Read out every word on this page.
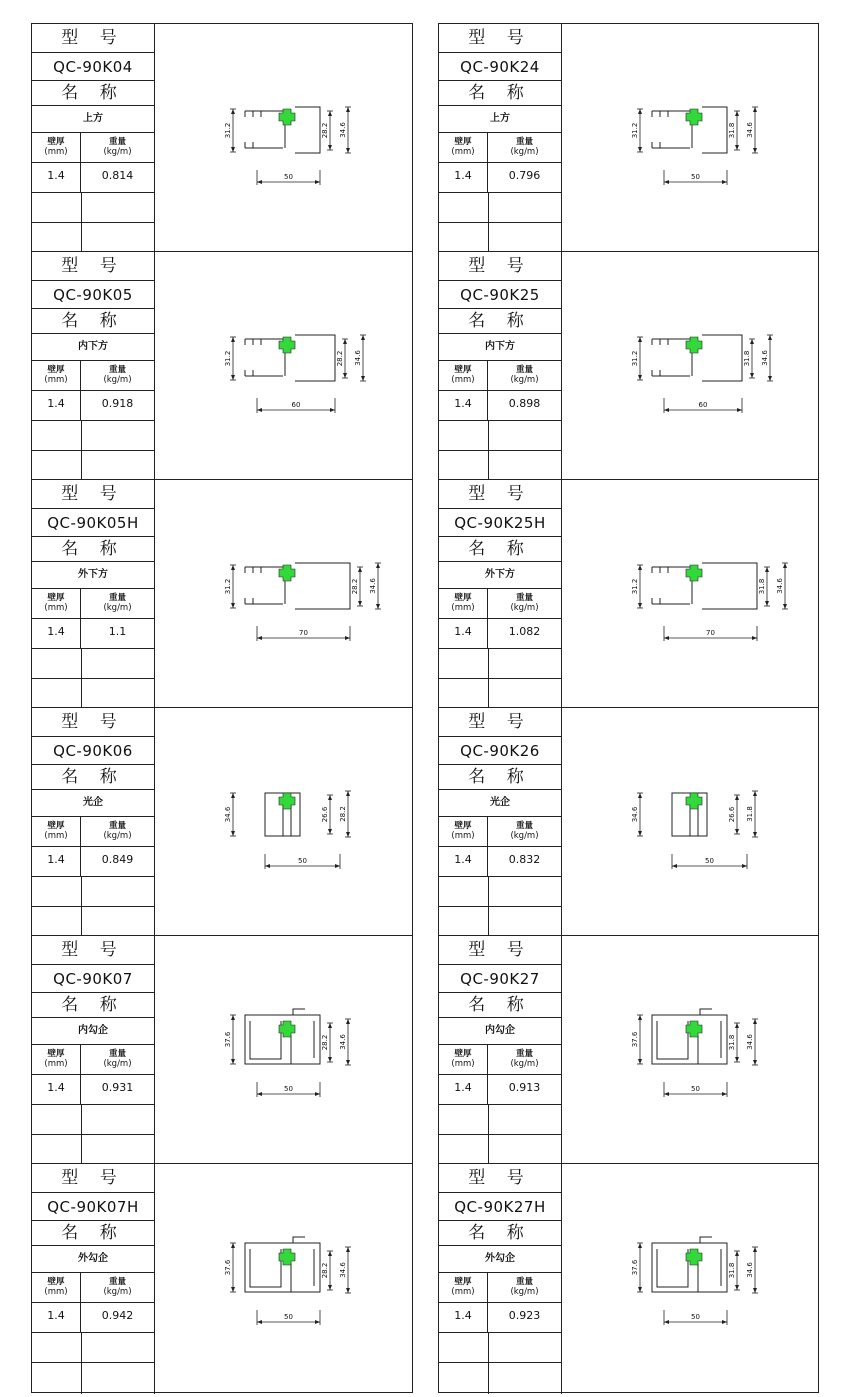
型 号
QC-90K04
名 称
上方
壁厚
(mm)
重量
(kg/m)
1.4	0.814
31.2	28.2 34.6
50
型 号
QC-90K05
名 称
内下方
壁厚
(mm)
重量
(kg/m)
1.4	0.918
31.2	28.2 34.6
60
型 号
QC-90K05H
名 称
外下方
壁厚
(mm)
重量
(kg/m)
1.4	1.1
31.2	28.2 34.6
70
型 号
QC-90K06
名 称
光企
壁厚
(mm)
重量
(kg/m)
1.4	0.849
34.6	26.6 28.2
50
型 号
QC-90K07
名 称
内勾企
壁厚
(mm)
重量
(kg/m)
1.4	0.931
37.6	28.2 34.6
50
型 号
QC-90K07H
名 称
外勾企
壁厚
(mm)
重量
(kg/m)
1.4	0.942
37.6	28.2 34.6
50
型 号
QC-90K24
名 称
上方
壁厚
(mm)
重量
(kg/m)
1.4	0.796
31.2	31.8 34.6
50
型 号
QC-90K25
名 称
内下方
壁厚
(mm)
重量
(kg/m)
1.4	0.898
31.2	31.8 34.6
60
型 号
QC-90K25H
名 称
外下方
壁厚
(mm)
重量
(kg/m)
1.4	1.082
31.2	31.8 34.6
70
型 号
QC-90K26
名 称
光企
壁厚
(mm)
重量
(kg/m)
1.4	0.832
34.6	26.6 31.8
50
型 号
QC-90K27
名 称
内勾企
壁厚
(mm)
重量
(kg/m)
1.4	0.913
37.6	31.8 34.6
50
型 号
QC-90K27H
名 称
外勾企
壁厚
(mm)
重量
(kg/m)
1.4	0.923
37.6	31.8 34.6
50
